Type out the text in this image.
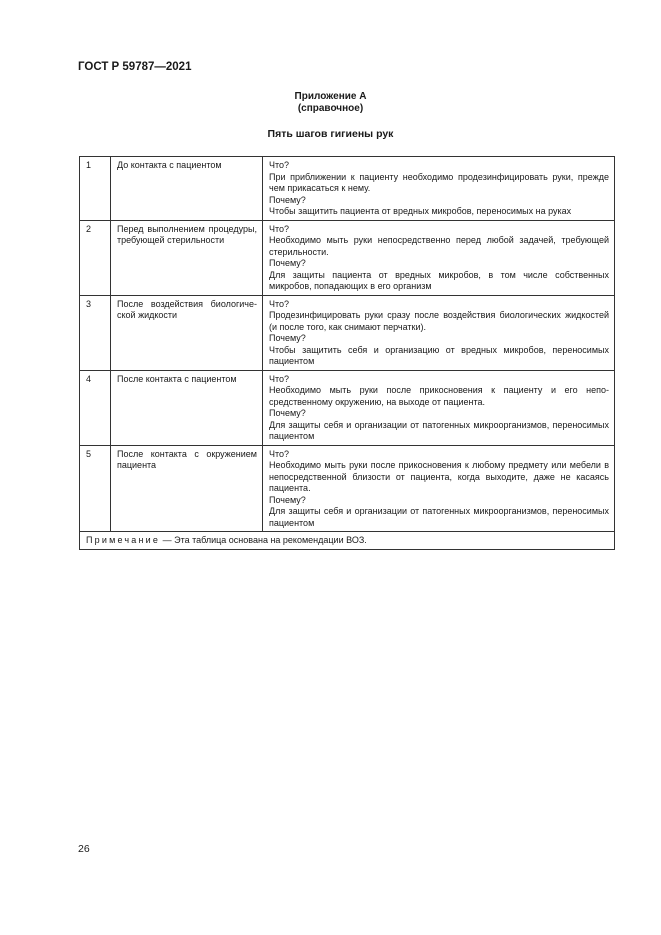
ГОСТ Р 59787—2021
Приложение А
(справочное)
Пять шагов гигиены рук
1	До контакта с пациентом	Что?
При приближении к пациенту необходимо продезинфицировать руки, прежде чем прикасаться к нему.
Почему?
Чтобы защитить пациента от вредных микробов, переносимых на руках

2	Перед выполнением процедуры, требующей стерильности	Что?
Необходимо мыть руки непосредственно перед любой задачей, требующей стерильности.
Почему?
Для защиты пациента от вредных микробов, в том числе собственных микробов, попадающих в его организм

3	После воздействия биологической жидкости	Что?
Продезинфицировать руки сразу после воздействия биологических жидкостей (и после того, как снимают перчатки).
Почему?
Чтобы защитить себя и организацию от вредных микробов, переносимых пациентом

4	После контакта с пациентом	Что?
Необходимо мыть руки после прикосновения к пациенту и его непосредственному окружению, на выходе от пациента.
Почему?
Для защиты себя и организации от патогенных микроорганизмов, переносимых пациентом

5	После контакта с окружением пациента	Что?
Необходимо мыть руки после прикосновения к любому предмету или мебели в непосредственной близости от пациента, когда выходите, даже не касаясь пациента.
Почему?
Для защиты себя и организации от патогенных микроорганизмов, переносимых пациентом

Примечание — Эта таблица основана на рекомендации ВОЗ.		
26
